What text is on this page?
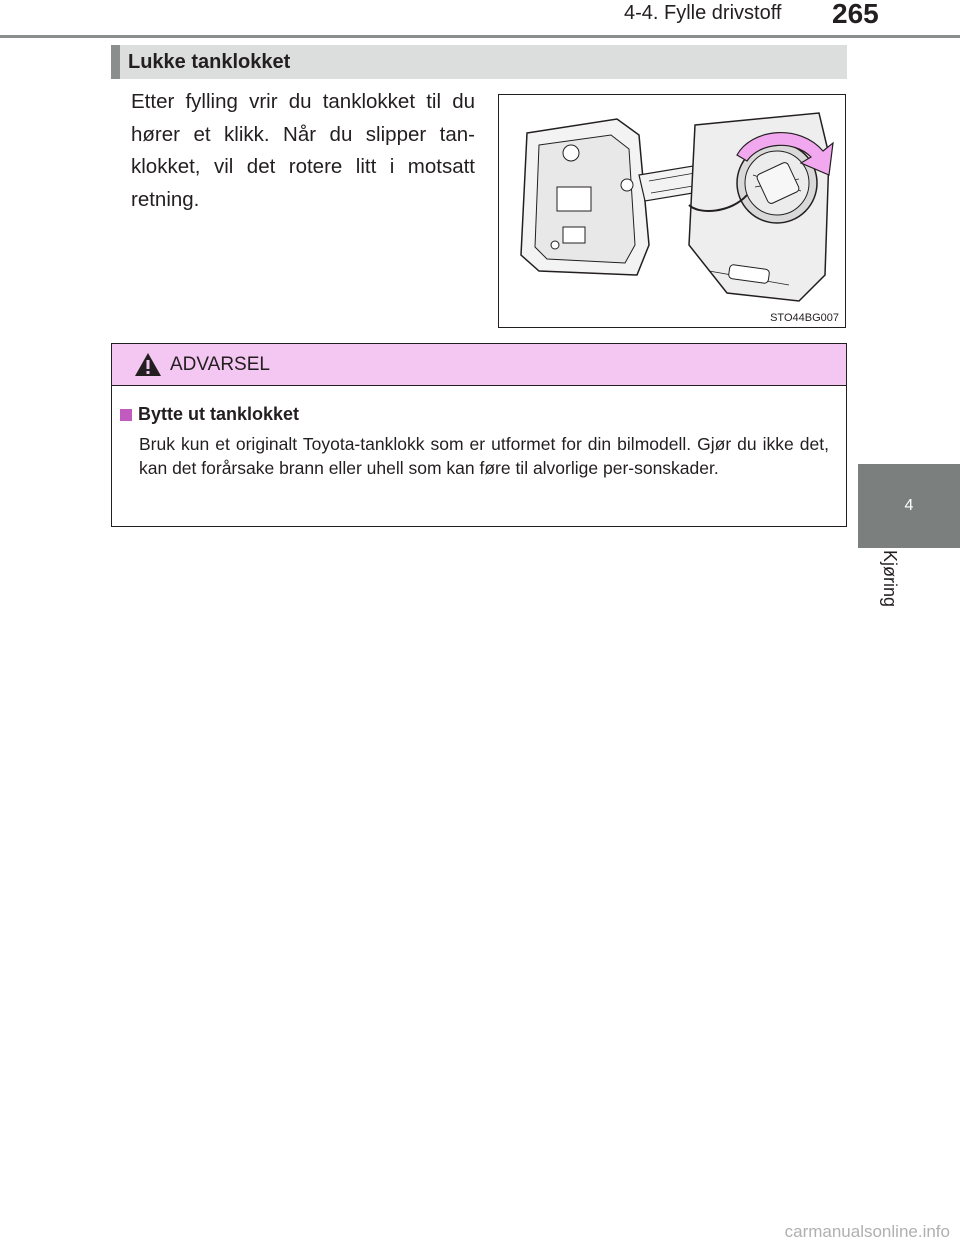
4-4. Fylle drivstoff 265
4
Kjøring
Lukke tanklokket
Etter fylling vrir du tanklokket til du hører et klikk. Når du slipper tan-klokket, vil det rotere litt i motsatt retning.
STO44BG007
ADVARSEL
Bytte ut tanklokket
Bruk kun et originalt Toyota-tanklokk som er utformet for din bilmodell. Gjør du ikke det, kan det forårsake brann eller uhell som kan føre til alvorlige per-sonskader.
carmanualsonline.info
